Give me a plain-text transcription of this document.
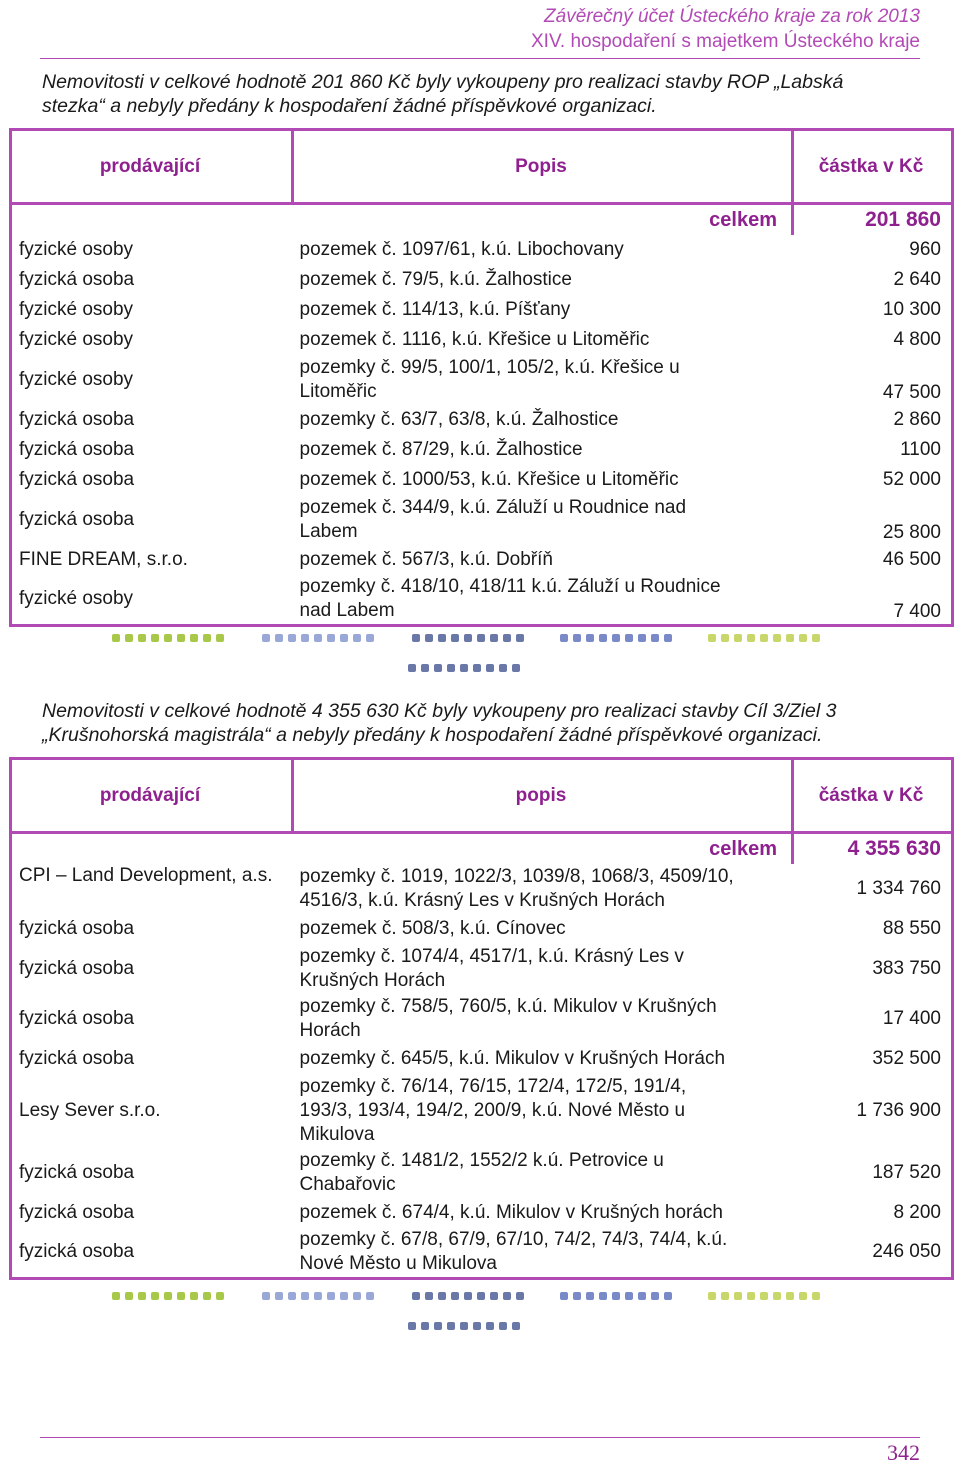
Závěrečný účet Ústeckého kraje za rok 2013
XIV. hospodaření s majetkem Ústeckého kraje
Nemovitosti v celkové hodnotě 201 860 Kč byly vykoupeny pro realizaci stavby ROP „Labská
stezka“ a nebyly předány k hospodaření žádné příspěvkové organizaci.
prodávající	Popis	částka v Kč
	celkem	201 860
fyzické osoby	pozemek č. 1097/61, k.ú. Libochovany	960
fyzická osoba	pozemek č. 79/5, k.ú. Žalhostice	2 640
fyzické osoby	pozemek č. 114/13, k.ú. Píšťany	10 300
fyzické osoby	pozemek č. 1116, k.ú. Křešice u Litoměřic	4 800
fyzické osoby	pozemky č. 99/5, 100/1, 105/2, k.ú. Křešice u
Litoměřic	47 500
fyzická osoba	pozemky č. 63/7, 63/8, k.ú. Žalhostice	2 860
fyzická osoba	pozemek č. 87/29, k.ú. Žalhostice	1100
fyzická osoba	pozemek č. 1000/53, k.ú. Křešice u Litoměřic	52 000
fyzická osoba	pozemek č. 344/9, k.ú. Záluží u Roudnice nad
Labem	25 800
FINE DREAM, s.r.o.	pozemek č. 567/3, k.ú. Dobříň	46 500
fyzické osoby	pozemky č. 418/10, 418/11 k.ú. Záluží u Roudnice
nad Labem	7 400
Nemovitosti v celkové hodnotě 4 355 630 Kč byly vykoupeny pro realizaci stavby Cíl 3/Ziel 3
„Krušnohorská magistrála“ a nebyly předány k hospodaření žádné příspěvkové organizaci.
prodávající	popis	částka v Kč
	celkem	4 355 630
CPI – Land Development, a.s.	pozemky č. 1019, 1022/3, 1039/8, 1068/3, 4509/10,
4516/3, k.ú. Krásný Les v Krušných Horách	1 334 760
fyzická osoba	pozemek č. 508/3, k.ú. Cínovec	88 550
fyzická osoba	pozemky č. 1074/4, 4517/1, k.ú. Krásný Les v
Krušných Horách	383 750
fyzická osoba	pozemky č. 758/5, 760/5, k.ú. Mikulov v Krušných
Horách	17 400
fyzická osoba	pozemky č. 645/5, k.ú. Mikulov v Krušných Horách	352 500
Lesy Sever s.r.o.	pozemky č. 76/14, 76/15, 172/4, 172/5, 191/4,
193/3, 193/4, 194/2, 200/9, k.ú. Nové Město u
Mikulova	1 736 900
fyzická osoba	pozemky č. 1481/2, 1552/2 k.ú. Petrovice u
Chabařovic	187 520
fyzická osoba	pozemek č. 674/4, k.ú. Mikulov v Krušných horách	8 200
fyzická osoba	pozemky č. 67/8, 67/9, 67/10, 74/2, 74/3, 74/4, k.ú.
Nové Město u Mikulova	246 050
342
